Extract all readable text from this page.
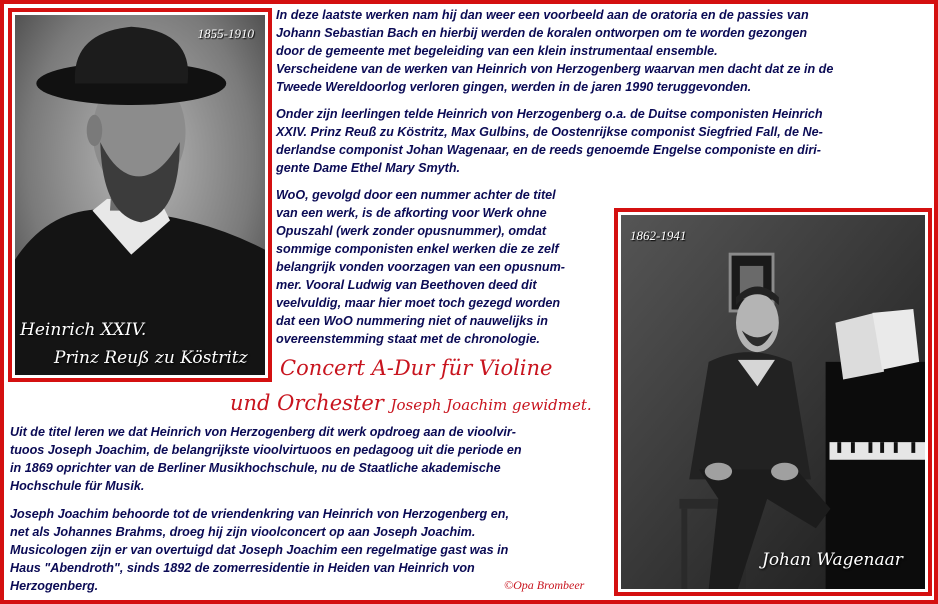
1855-1910
Heinrich XXIV.
Prinz Reuß zu Köstritz
1862-1941
Johan Wagenaar

In deze laatste werken nam hij dan weer een voorbeeld aan de oratoria en de passies van
Johann Sebastian Bach en hierbij werden de koralen ontworpen om te worden gezongen
door de gemeente met begeleiding van een klein instrumentaal ensemble.
Verscheidene van de werken van Heinrich von Herzogenberg waarvan men dacht dat ze in de
Tweede Wereldoorlog verloren gingen, werden in de jaren 1990 teruggevonden.

Onder zijn leerlingen telde Heinrich von Herzogenberg o.a. de Duitse componisten Heinrich
XXIV. Prinz Reuß zu Köstritz, Max Gulbins, de Oostenrijkse componist Siegfried Fall, de Ne-
derlandse componist Johan Wagenaar, en de reeds genoemde Engelse componiste en diri-
gente Dame Ethel Mary Smyth.

WoO, gevolgd door een nummer achter de titel
van een werk, is de afkorting voor Werk ohne
Opuszahl (werk zonder opusnummer), omdat
sommige componisten enkel werken die ze zelf
belangrijk vonden voorzagen van een opusnum-
mer. Vooral Ludwig van Beethoven deed dit
veelvuldig, maar hier moet toch gezegd worden
dat een WoO nummering niet of nauwelijks in
overeenstemming staat met de chronologie.

Concert A-Dur für Violine
und Orchester Joseph Joachim gewidmet.

Uit de titel leren we dat Heinrich von Herzogenberg dit werk opdroeg aan de vioolvir-
tuoos Joseph Joachim, de belangrijkste vioolvirtuoos en pedagoog uit die periode en
in 1869 oprichter van de Berliner Musikhochschule, nu de Staatliche akademische
Hochschule für Musik.

Joseph Joachim behoorde tot de vriendenkring van Heinrich von Herzogenberg en,
net als Johannes Brahms, droeg hij zijn vioolconcert op aan Joseph Joachim.
Musicologen zijn er van overtuigd dat Joseph Joachim een regelmatige gast was in
Haus "Abendroth", sinds 1892 de zomerresidentie in Heiden van Heinrich von
Herzogenberg.	©Opa Brombeer
